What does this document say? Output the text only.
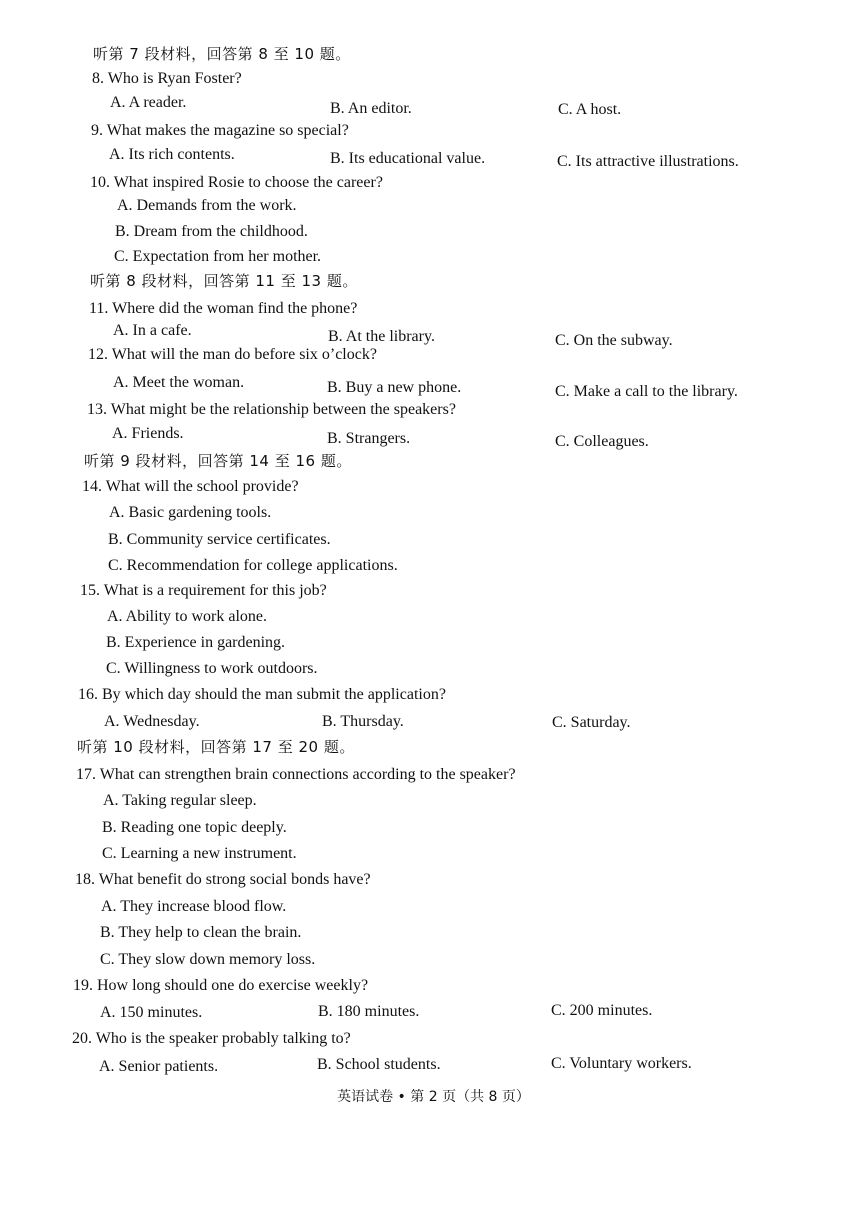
听第 7 段材料，回答第 8 至 10 题。
8. Who is Ryan Foster?
A. A reader.	B. An editor.	C. A host.
9. What makes the magazine so special?
A. Its rich contents.	B. Its educational value.	C. Its attractive illustrations.
10. What inspired Rosie to choose the career?
A. Demands from the work.
B. Dream from the childhood.
C. Expectation from her mother.
听第 8 段材料，回答第 11 至 13 题。
11. Where did the woman find the phone?
A. In a cafe.	B. At the library.	C. On the subway.
12. What will the man do before six o’clock?
A. Meet the woman.	B. Buy a new phone.	C. Make a call to the library.
13. What might be the relationship between the speakers?
A. Friends.	B. Strangers.	C. Colleagues.
听第 9 段材料，回答第 14 至 16 题。
14. What will the school provide?
A. Basic gardening tools.
B. Community service certificates.
C. Recommendation for college applications.
15. What is a requirement for this job?
A. Ability to work alone.
B. Experience in gardening.
C. Willingness to work outdoors.
16. By which day should the man submit the application?
A. Wednesday.	B. Thursday.	C. Saturday.
听第 10 段材料，回答第 17 至 20 题。
17. What can strengthen brain connections according to the speaker?
A. Taking regular sleep.
B. Reading one topic deeply.
C. Learning a new instrument.
18. What benefit do strong social bonds have?
A. They increase blood flow.
B. They help to clean the brain.
C. They slow down memory loss.
19. How long should one do exercise weekly?
A. 150 minutes.	B. 180 minutes.	C. 200 minutes.
20. Who is the speaker probably talking to?
A. Senior patients.	B. School students.	C. Voluntary workers.
英语试卷 • 第 2 页（共 8 页）
